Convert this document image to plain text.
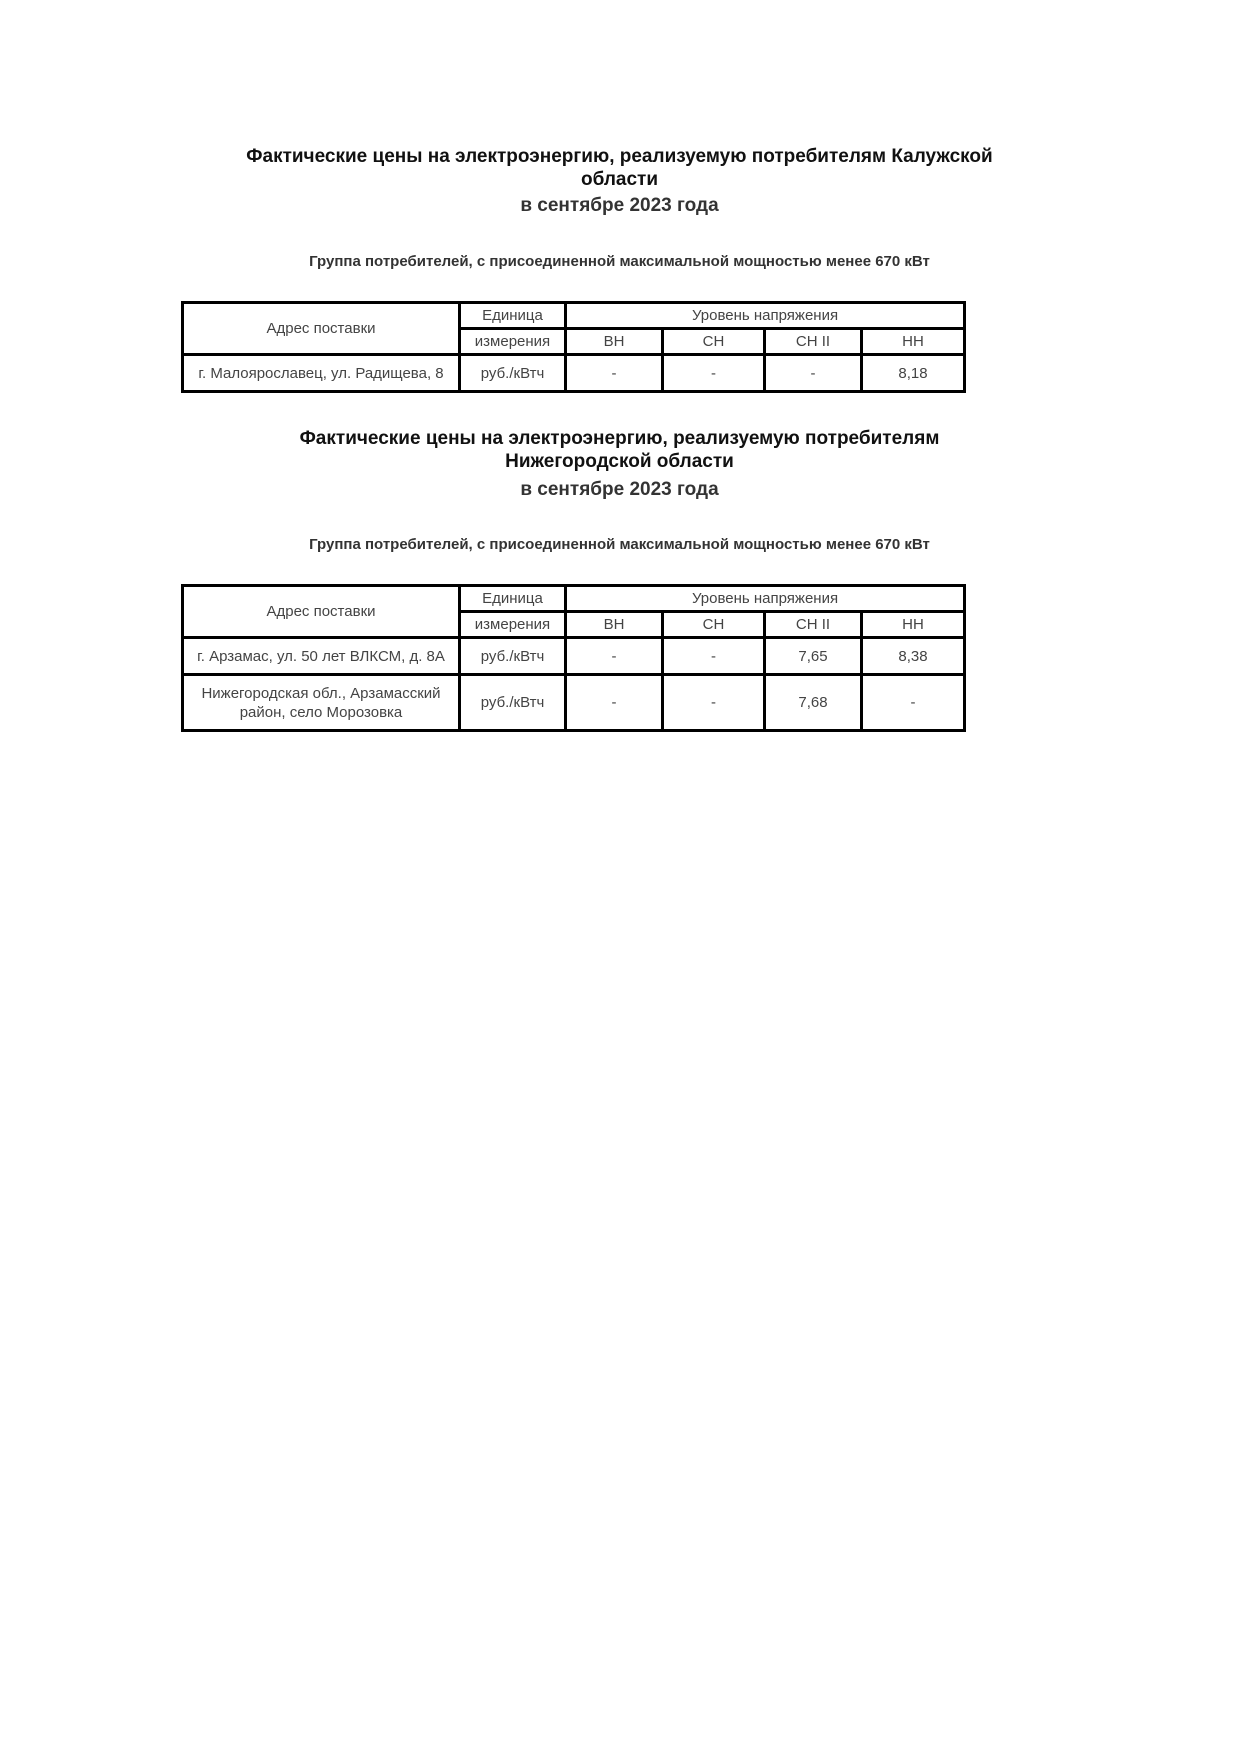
Фактические цены на электроэнергию, реализуемую потребителям Калужской
области
в сентябре 2023 года
Группа потребителей, с присоединенной максимальной мощностью менее 670 кВт
Адрес поставки	Единица	Уровень напряжения			
	измерения	ВН	СН	СН II	НН
г. Малоярославец, ул. Радищева, 8	руб./кВтч	-	-	-	8,18
Фактические цены на электроэнергию, реализуемую потребителям
Нижегородской области
в сентябре 2023 года
Группа потребителей, с присоединенной максимальной мощностью менее 670 кВт
Адрес поставки	Единица	Уровень напряжения			
	измерения	ВН	СН	СН II	НН
г. Арзамас, ул. 50 лет ВЛКСМ, д. 8А	руб./кВтч	-	-	7,65	8,38
Нижегородская обл., Арзамасский район, село Морозовка	руб./кВтч	-	-	7,68	-
